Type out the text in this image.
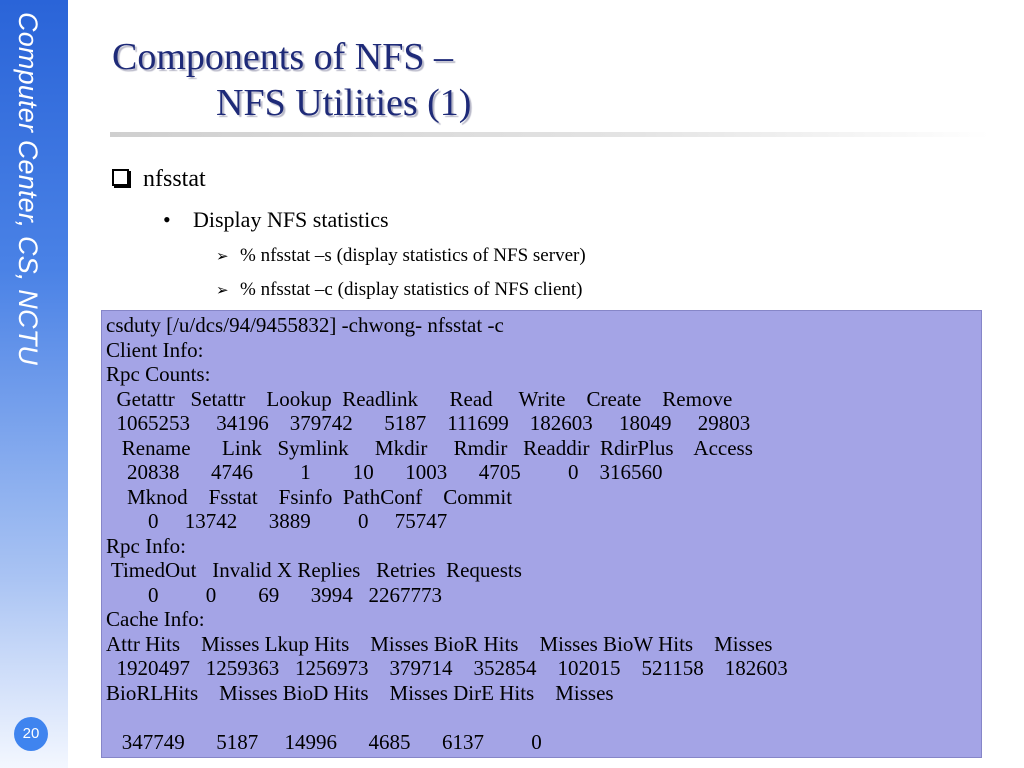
Computer Center, CS, NCTU
20
Components of NFS –
NFS Utilities (1)
nfsstat
• Display NFS statistics
➢ % nfsstat –s (display statistics of NFS server)
➢ % nfsstat –c (display statistics of NFS client)
csduty [/u/dcs/94/9455832] -chwong- nfsstat -c
Client Info:
Rpc Counts:
Getattr   Setattr    Lookup  Readlink      Read     Write    Create    Remove
1065253     34196    379742      5187    111699    182603     18049     29803
Rename      Link   Symlink     Mkdir     Rmdir   Readdir  RdirPlus    Access
20838      4746         1        10      1003      4705         0    316560
Mknod    Fsstat    Fsinfo  PathConf    Commit
0     13742      3889         0     75747
Rpc Info:
TimedOut   Invalid X Replies   Retries  Requests
0         0        69      3994   2267773
Cache Info:
Attr Hits    Misses Lkup Hits    Misses BioR Hits    Misses BioW Hits    Misses
1920497   1259363   1256973    379714    352854    102015    521158    182603
BioRLHits    Misses BioD Hits    Misses DirE Hits    Misses

347749      5187     14996      4685      6137         0
